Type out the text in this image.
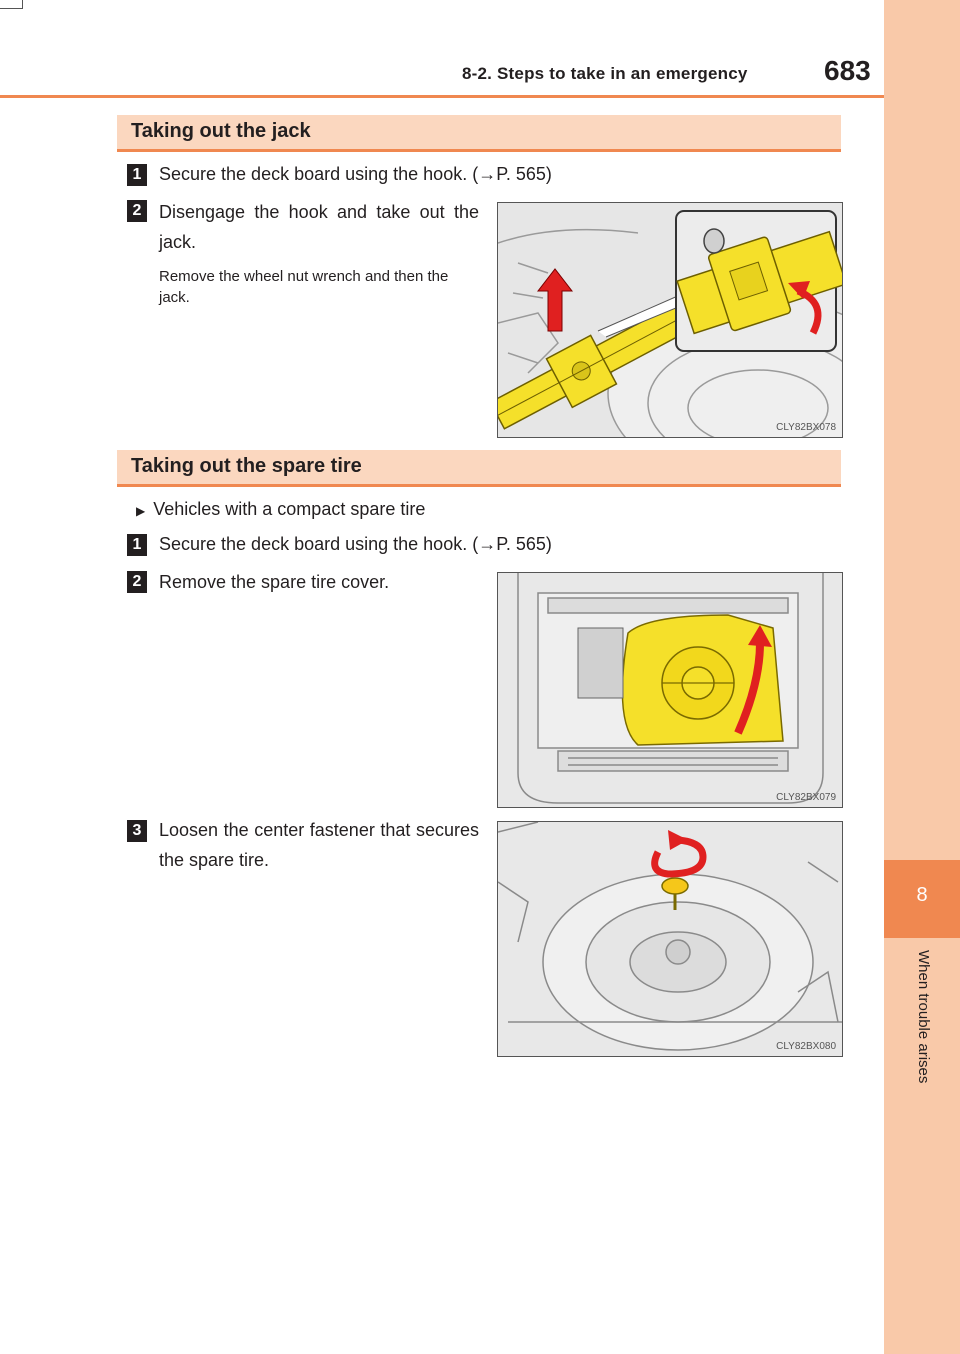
8-2. Steps to take in an emergency	683
8
When trouble arises
Taking out the jack
1 Secure the deck board using the hook. (→P. 565)
2 Disengage the hook and take out the jack.
Remove the wheel nut wrench and then the jack.
CLY82BX078
Taking out the spare tire
▶ Vehicles with a compact spare tire
1 Secure the deck board using the hook. (→P. 565)
2 Remove the spare tire cover.
CLY82BX079
3 Loosen the center fastener that secures the spare tire.
CLY82BX080
